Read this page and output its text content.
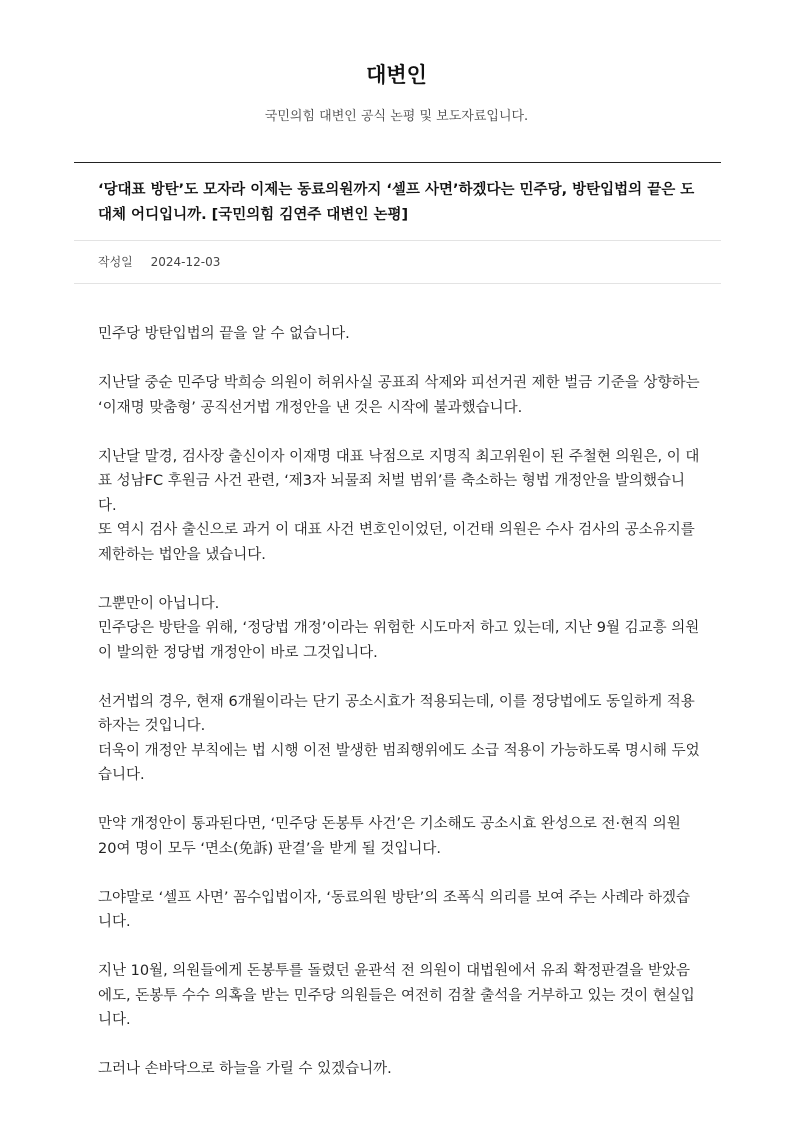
대변인
국민의힘 대변인 공식 논평 및 보도자료입니다.
‘당대표 방탄’도 모자라 이제는 동료의원까지 ‘셀프 사면’하겠다는 민주당, 방탄입법의 끝은 도대체 어디입니까. [국민의힘 김연주 대변인 논평]
작성일 2024-12-03

민주당 방탄입법의 끝을 알 수 없습니다.

지난달 중순 민주당 박희승 의원이 허위사실 공표죄 삭제와 피선거권 제한 벌금 기준을 상향하는 ‘이재명 맞춤형’ 공직선거법 개정안을 낸 것은 시작에 불과했습니다.

지난달 말경, 검사장 출신이자 이재명 대표 낙점으로 지명직 최고위원이 된 주철현 의원은, 이 대표 성남FC 후원금 사건 관련, ‘제3자 뇌물죄 처벌 범위’를 축소하는 형법 개정안을 발의했습니다.

또 역시 검사 출신으로 과거 이 대표 사건 변호인이었던, 이건태 의원은 수사 검사의 공소유지를 제한하는 법안을 냈습니다.

그뿐만이 아닙니다.

민주당은 방탄을 위해, ‘정당법 개정’이라는 위험한 시도마저 하고 있는데, 지난 9월 김교흥 의원이 발의한 정당법 개정안이 바로 그것입니다.

선거법의 경우, 현재 6개월이라는 단기 공소시효가 적용되는데, 이를 정당법에도 동일하게 적용하자는 것입니다.

더욱이 개정안 부칙에는 법 시행 이전 발생한 범죄행위에도 소급 적용이 가능하도록 명시해 두었습니다.

만약 개정안이 통과된다면, ‘민주당 돈봉투 사건’은 기소해도 공소시효 완성으로 전·현직 의원 20여 명이 모두 ‘면소(免訴) 판결’을 받게 될 것입니다.

그야말로 ‘셀프 사면’ 꼼수입법이자, ‘동료의원 방탄’의 조폭식 의리를 보여 주는 사례라 하겠습니다.

지난 10월, 의원들에게 돈봉투를 돌렸던 윤관석 전 의원이 대법원에서 유죄 확정판결을 받았음에도, 돈봉투 수수 의혹을 받는 민주당 의원들은 여전히 검찰 출석을 거부하고 있는 것이 현실입니다.

그러나 손바닥으로 하늘을 가릴 수 있겠습니까.
